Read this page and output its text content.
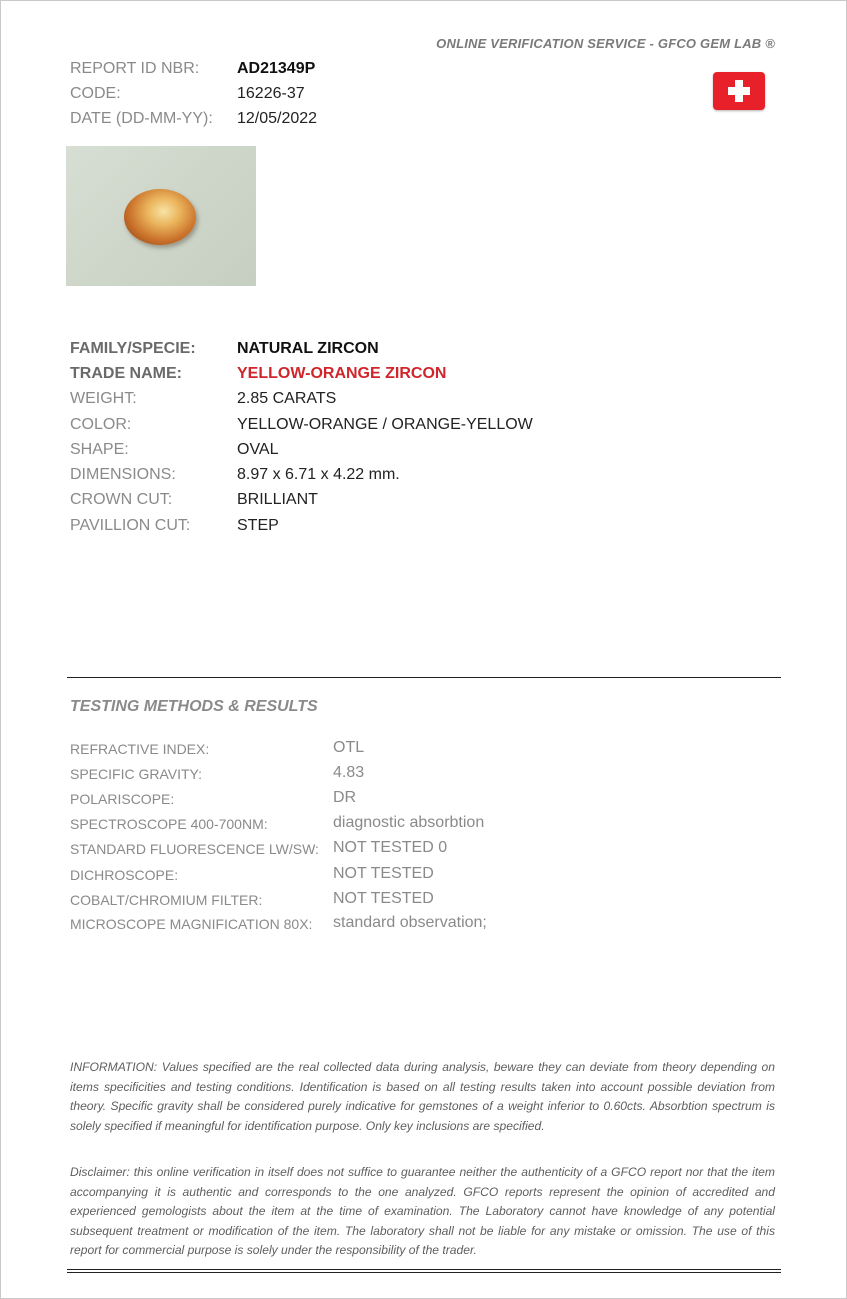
ONLINE VERIFICATION SERVICE - GFCO GEM LAB ®
REPORT ID NBR: AD21349P
CODE:	16226-37
DATE (DD-MM-YY): 12/05/2022
FAMILY/SPECIE:	NATURAL ZIRCON
TRADE NAME:	YELLOW-ORANGE ZIRCON
WEIGHT:	2.85 CARATS
COLOR:	YELLOW-ORANGE / ORANGE-YELLOW
SHAPE:	OVAL
DIMENSIONS:	8.97 x 6.71 x 4.22 mm.
CROWN CUT:	BRILLIANT
PAVILLION CUT:	STEP
TESTING METHODS & RESULTS
REFRACTIVE INDEX:	OTL
SPECIFIC GRAVITY:	4.83
POLARISCOPE:	DR
SPECTROSCOPE 400-700NM:	diagnostic absorbtion
STANDARD FLUORESCENCE LW/SW: NOT TESTED 0
DICHROSCOPE:	NOT TESTED
COBALT/CHROMIUM FILTER:	NOT TESTED
MICROSCOPE MAGNIFICATION 80X: standard observation;
INFORMATION: Values specified are the real collected data during analysis, beware they can deviate from theory depending on items specificities and testing conditions. Identification is based on all testing results taken into account possible deviation from theory. Specific gravity shall be considered purely indicative for gemstones of a weight inferior to 0.60cts. Absorbtion spectrum is solely specified if meaningful for identification purpose. Only key inclusions are specified.
Disclaimer: this online verification in itself does not suffice to guarantee neither the authenticity of a GFCO report nor that the item accompanying it is authentic and corresponds to the one analyzed. GFCO reports represent the opinion of accredited and experienced gemologists about the item at the time of examination. The Laboratory cannot have knowledge of any potential subsequent treatment or modification of the item. The laboratory shall not be liable for any mistake or omission. The use of this report for commercial purpose is solely under the responsibility of the trader.
